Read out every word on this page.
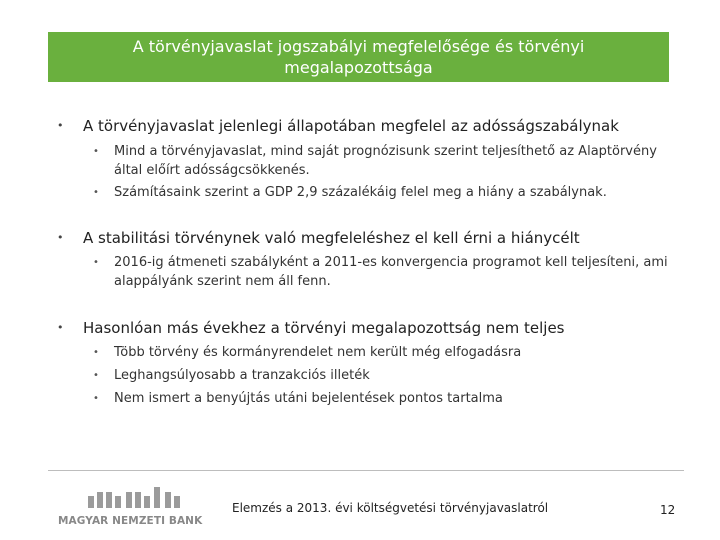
A törvényjavaslat jogszabályi megfelelősége és törvényi megalapozottsága
• A törvényjavaslat jelenlegi állapotában megfelel az adósságszabálynak
• Mind a törvényjavaslat, mind saját prognózisunk szerint teljesíthető az Alaptörvény által előírt adósságcsökkenés.
• Számításaink szerint a GDP 2,9 százalékáig felel meg a hiány a szabálynak.
• A stabilitási törvénynek való megfeleléshez el kell érni a hiánycélt
• 2016-ig átmeneti szabályként a 2011-es konvergencia programot kell teljesíteni, ami alappályánk szerint nem áll fenn.
• Hasonlóan más évekhez a törvényi megalapozottság nem teljes
• Több törvény és kormányrendelet nem került még elfogadásra
• Leghangsúlyosabb a tranzakciós illeték
• Nem ismert a benyújtás utáni bejelentések pontos tartalma
MAGYAR NEMZETI BANK
Elemzés a 2013. évi költségvetési törvényjavaslatról	12
